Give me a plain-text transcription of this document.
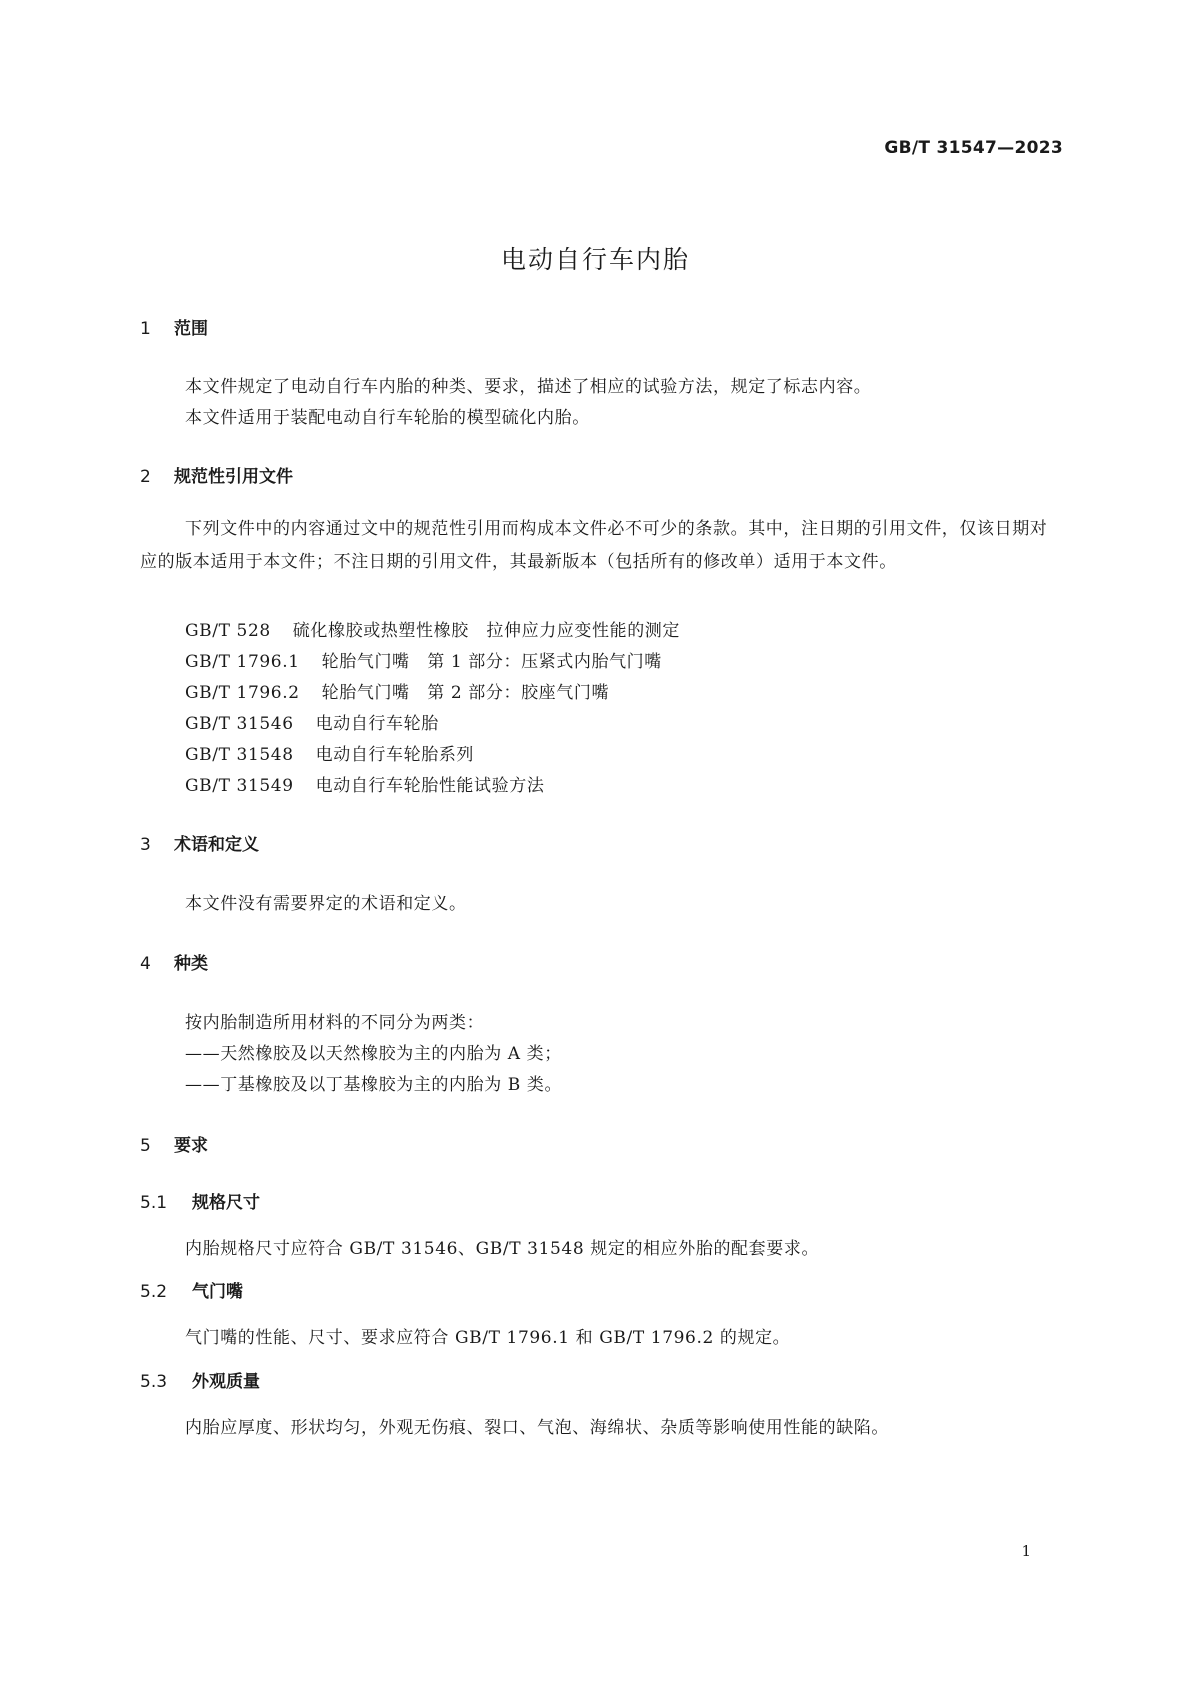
GB/T 31547—2023
电动自行车内胎
1 范围
本文件规定了电动自行车内胎的种类、要求，描述了相应的试验方法，规定了标志内容。
本文件适用于装配电动自行车轮胎的模型硫化内胎。
2 规范性引用文件
下列文件中的内容通过文中的规范性引用而构成本文件必不可少的条款。其中，注日期的引用文件，仅该日期对应的版本适用于本文件；不注日期的引用文件，其最新版本（包括所有的修改单）适用于本文件。
GB/T 528 硫化橡胶或热塑性橡胶　拉伸应力应变性能的测定
GB/T 1796.1 轮胎气门嘴　第 1 部分：压紧式内胎气门嘴
GB/T 1796.2 轮胎气门嘴　第 2 部分：胶座气门嘴
GB/T 31546 电动自行车轮胎
GB/T 31548 电动自行车轮胎系列
GB/T 31549 电动自行车轮胎性能试验方法
3 术语和定义
本文件没有需要界定的术语和定义。
4 种类
按内胎制造所用材料的不同分为两类：
——天然橡胶及以天然橡胶为主的内胎为 A 类；
——丁基橡胶及以丁基橡胶为主的内胎为 B 类。
5 要求
5.1 规格尺寸
内胎规格尺寸应符合 GB/T 31546、GB/T 31548 规定的相应外胎的配套要求。
5.2 气门嘴
气门嘴的性能、尺寸、要求应符合 GB/T 1796.1 和 GB/T 1796.2 的规定。
5.3 外观质量
内胎应厚度、形状均匀，外观无伤痕、裂口、气泡、海绵状、杂质等影响使用性能的缺陷。
1
